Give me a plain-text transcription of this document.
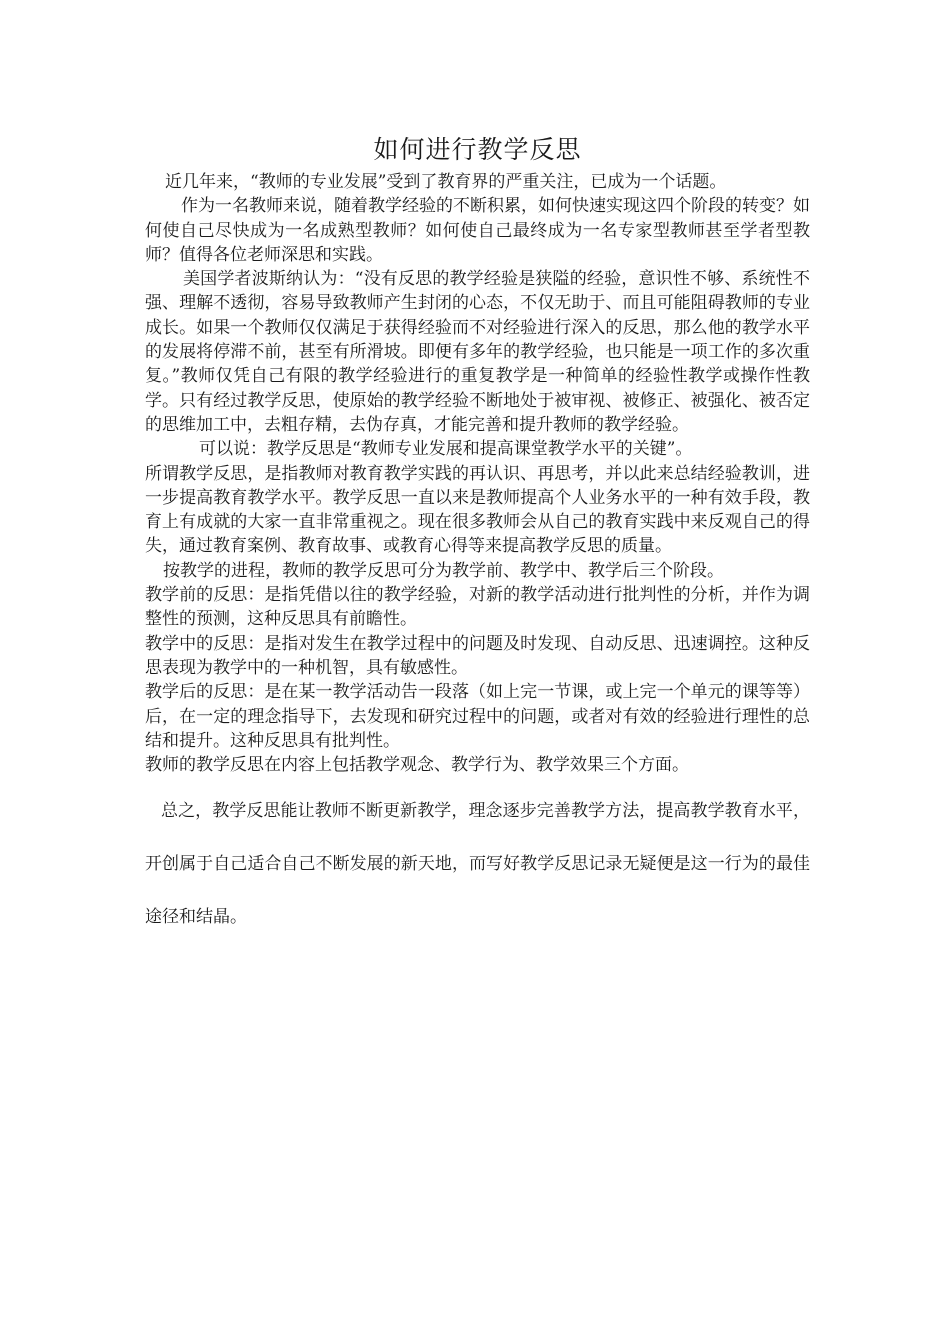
如何进行教学反思

近几年来，“教师的专业发展”受到了教育界的严重关注，已成为一个话题。

作为一名教师来说，随着教学经验的不断积累，如何快速实现这四个阶段的转变？如何使自己尽快成为一名成熟型教师？如何使自己最终成为一名专家型教师甚至学者型教师？值得各位老师深思和实践。

美国学者波斯纳认为：“没有反思的教学经验是狭隘的经验，意识性不够、系统性不强、理解不透彻，容易导致教师产生封闭的心态，不仅无助于、而且可能阻碍教师的专业成长。如果一个教师仅仅满足于获得经验而不对经验进行深入的反思，那么他的教学水平的发展将停滞不前，甚至有所滑坡。即便有多年的教学经验，也只能是一项工作的多次重复。”教师仅凭自己有限的教学经验进行的重复教学是一种简单的经验性教学或操作性教学。只有经过教学反思，使原始的教学经验不断地处于被审视、被修正、被强化、被否定的思维加工中，去粗存精，去伪存真，才能完善和提升教师的教学经验。

可以说：教学反思是“教师专业发展和提高课堂教学水平的关键”。

所谓教学反思，是指教师对教育教学实践的再认识、再思考，并以此来总结经验教训，进一步提高教育教学水平。教学反思一直以来是教师提高个人业务水平的一种有效手段，教育上有成就的大家一直非常重视之。现在很多教师会从自己的教育实践中来反观自己的得失，通过教育案例、教育故事、或教育心得等来提高教学反思的质量。

按教学的进程，教师的教学反思可分为教学前、教学中、教学后三个阶段。

教学前的反思：是指凭借以往的教学经验，对新的教学活动进行批判性的分析，并作为调整性的预测，这种反思具有前瞻性。

教学中的反思：是指对发生在教学过程中的问题及时发现、自动反思、迅速调控。这种反思表现为教学中的一种机智，具有敏感性。

教学后的反思：是在某一教学活动告一段落（如上完一节课，或上完一个单元的课等等）后，在一定的理念指导下，去发现和研究过程中的问题，或者对有效的经验进行理性的总结和提升。这种反思具有批判性。

教师的教学反思在内容上包括教学观念、教学行为、教学效果三个方面。

总之，教学反思能让教师不断更新教学，理念逐步完善教学方法，提高教学教育水平，开创属于自己适合自己不断发展的新天地，而写好教学反思记录无疑便是这一行为的最佳途径和结晶。
